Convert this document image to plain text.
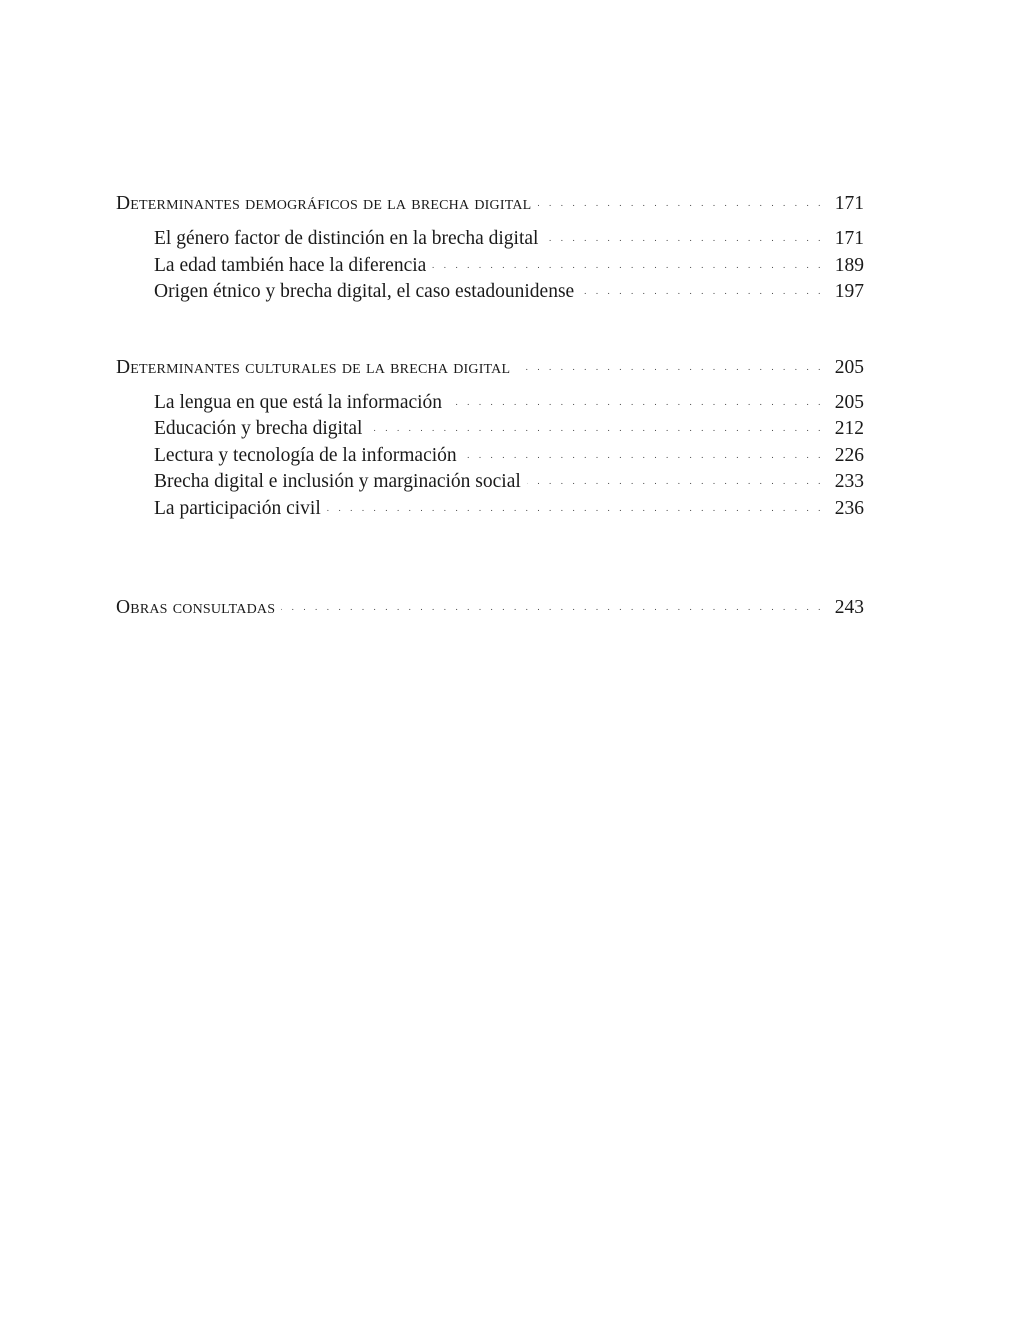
Determinantes demográficos de la brecha digital . . .	171
El género factor de distinción en la brecha digital . . .	171
La edad también hace la diferencia . . .	189
Origen étnico y brecha digital, el caso estadounidense . . .	197
Determinantes culturales de la brecha digital . . .	205
La lengua en que está la información . . .	205
Educación y brecha digital . . .	212
Lectura y tecnología de la información . . .	226
Brecha digital e inclusión y marginación social . . .	233
La participación civil . . .	236
Obras consultadas . . .	243
